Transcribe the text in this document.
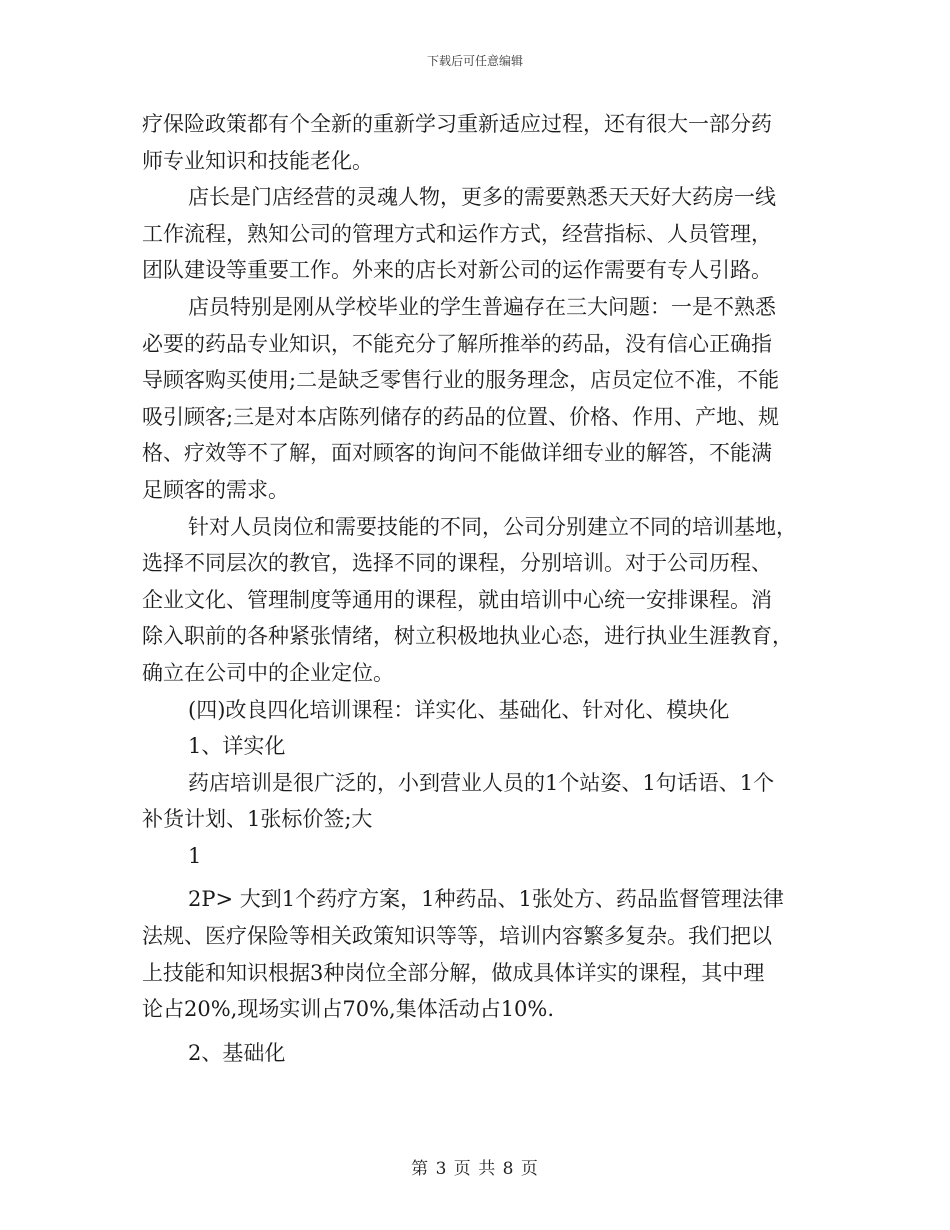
下载后可任意编辑
疗保险政策都有个全新的重新学习重新适应过程，还有很大一部分药
师专业知识和技能老化。
店长是门店经营的灵魂人物，更多的需要熟悉天天好大药房一线
工作流程，熟知公司的管理方式和运作方式，经营指标、人员管理，
团队建设等重要工作。外来的店长对新公司的运作需要有专人引路。
店员特别是刚从学校毕业的学生普遍存在三大问题：一是不熟悉
必要的药品专业知识，不能充分了解所推举的药品，没有信心正确指
导顾客购买使用;二是缺乏零售行业的服务理念，店员定位不准，不能
吸引顾客;三是对本店陈列储存的药品的位置、价格、作用、产地、规
格、疗效等不了解，面对顾客的询问不能做详细专业的解答，不能满
足顾客的需求。
针对人员岗位和需要技能的不同，公司分别建立不同的培训基地，
选择不同层次的教官，选择不同的课程，分别培训。对于公司历程、
企业文化、管理制度等通用的课程，就由培训中心统一安排课程。消
除入职前的各种紧张情绪，树立积极地执业心态，进行执业生涯教育，
确立在公司中的企业定位。
(四)改良四化培训课程：详实化、基础化、针对化、模块化
1、详实化
药店培训是很广泛的，小到营业人员的1个站姿、1句话语、1个
补货计划、1张标价签;大
1
2P> 大到1个药疗方案，1种药品、1张处方、药品监督管理法律
法规、医疗保险等相关政策知识等等，培训内容繁多复杂。我们把以
上技能和知识根据3种岗位全部分解，做成具体详实的课程，其中理
论占20%,现场实训占70%,集体活动占10%.
2、基础化
第 3 页 共 8 页
